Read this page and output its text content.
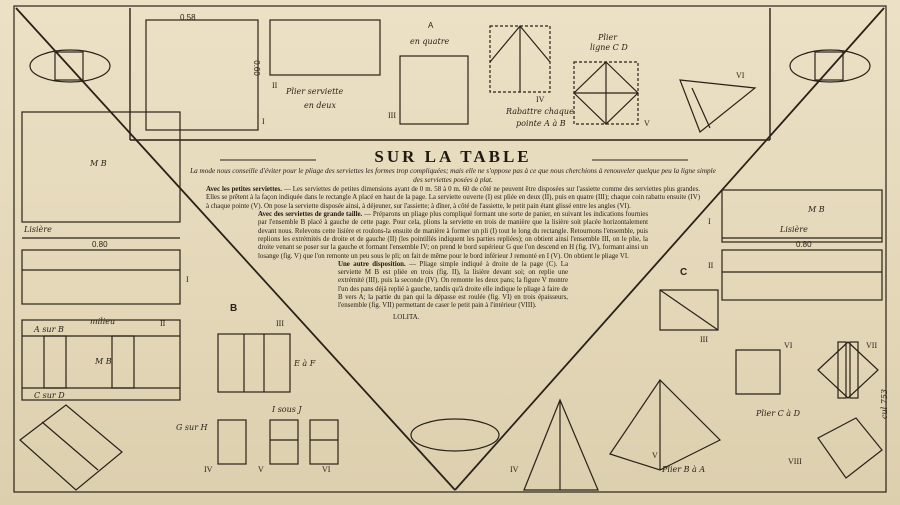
0.58
0.60
Plier serviette
en deux
en quatre
A
Plier
ligne C D
Rabattre chaque
pointe A à B
I
II
III
IV
V
VI
M B
Lisière
0.80
I
B
A sur B
milieu
M B
C sur D
II	III
E à F
G sur H
I sous J
IV	V	VI
M B
Lisière
0.80
I
II
C
III
VI	VII
Plier C à D
VIII
Plier B à A
IV
V
cul 753
SUR LA TABLE

La mode nous conseille d'éviter pour le pliage des serviettes les formes trop compliquées; mais elle ne s'oppose pas à ce que nous cherchions à renouveler quelque peu la ligne simple des serviettes posées à plat.

Avec les petites serviettes. — Les serviettes de petites dimensions ayant de 0 m. 58 à 0 m. 60 de côté ne peuvent être disposées sur l'assiette comme des serviettes plus grandes. Elles se prêtent à la façon indiquée dans le rectangle A placé en haut de la page. La serviette ouverte (I) est pliée en deux (II), puis en quatre (III); chaque coin rabattu ensuite (IV) à chaque pointe (V). On pose la serviette disposée ainsi, à déjeuner, sur l'assiette; à dîner, à côté de l'assiette, le petit pain étant glissé entre les angles (VI).

Avec des serviettes de grande taille. — Préparons un pliage plus compliqué formant une sorte de panier, en suivant les indications fournies par l'ensemble B placé à gauche de cette page. Pour cela, plions la serviette en trois de manière que la lisière soit placée horizontalement devant nous. Relevons cette lisière et roulons-la ensuite de manière à former un pli (I) tout le long du rectangle. Retournons l'ensemble, puis replions les extrémités de droite et de gauche (II) (les pointillés indiquent les parties repliées); on obtient ainsi l'ensemble III, on le plie, la droite venant se poser sur la gauche et formant l'ensemble IV; on prend le bord supérieur G que l'on descend en H (fig. IV), formant ainsi un losange (fig. V) que l'on remonte un peu sous le pli; on fait de même pour le bord inférieur J remonté en I (V). On obtient le pliage VI.

Une autre disposition. — Pliage simple indiqué à droite de la page (C). La serviette M B est pliée en trois (fig. II), la lisière devant soi; on replie une extrémité (III), puis la seconde (IV). On remonte les deux pans; la figure V montre l'un des pans déjà replié à gauche, tandis qu'à droite elle indique le pliage à faire de B vers A; la partie du pan qui la dépasse est roulée (fig. VI) en trois épaisseurs, l'ensemble (fig. VII) permettant de caser le petit pain à l'intérieur (VIII).

LOLITA.
